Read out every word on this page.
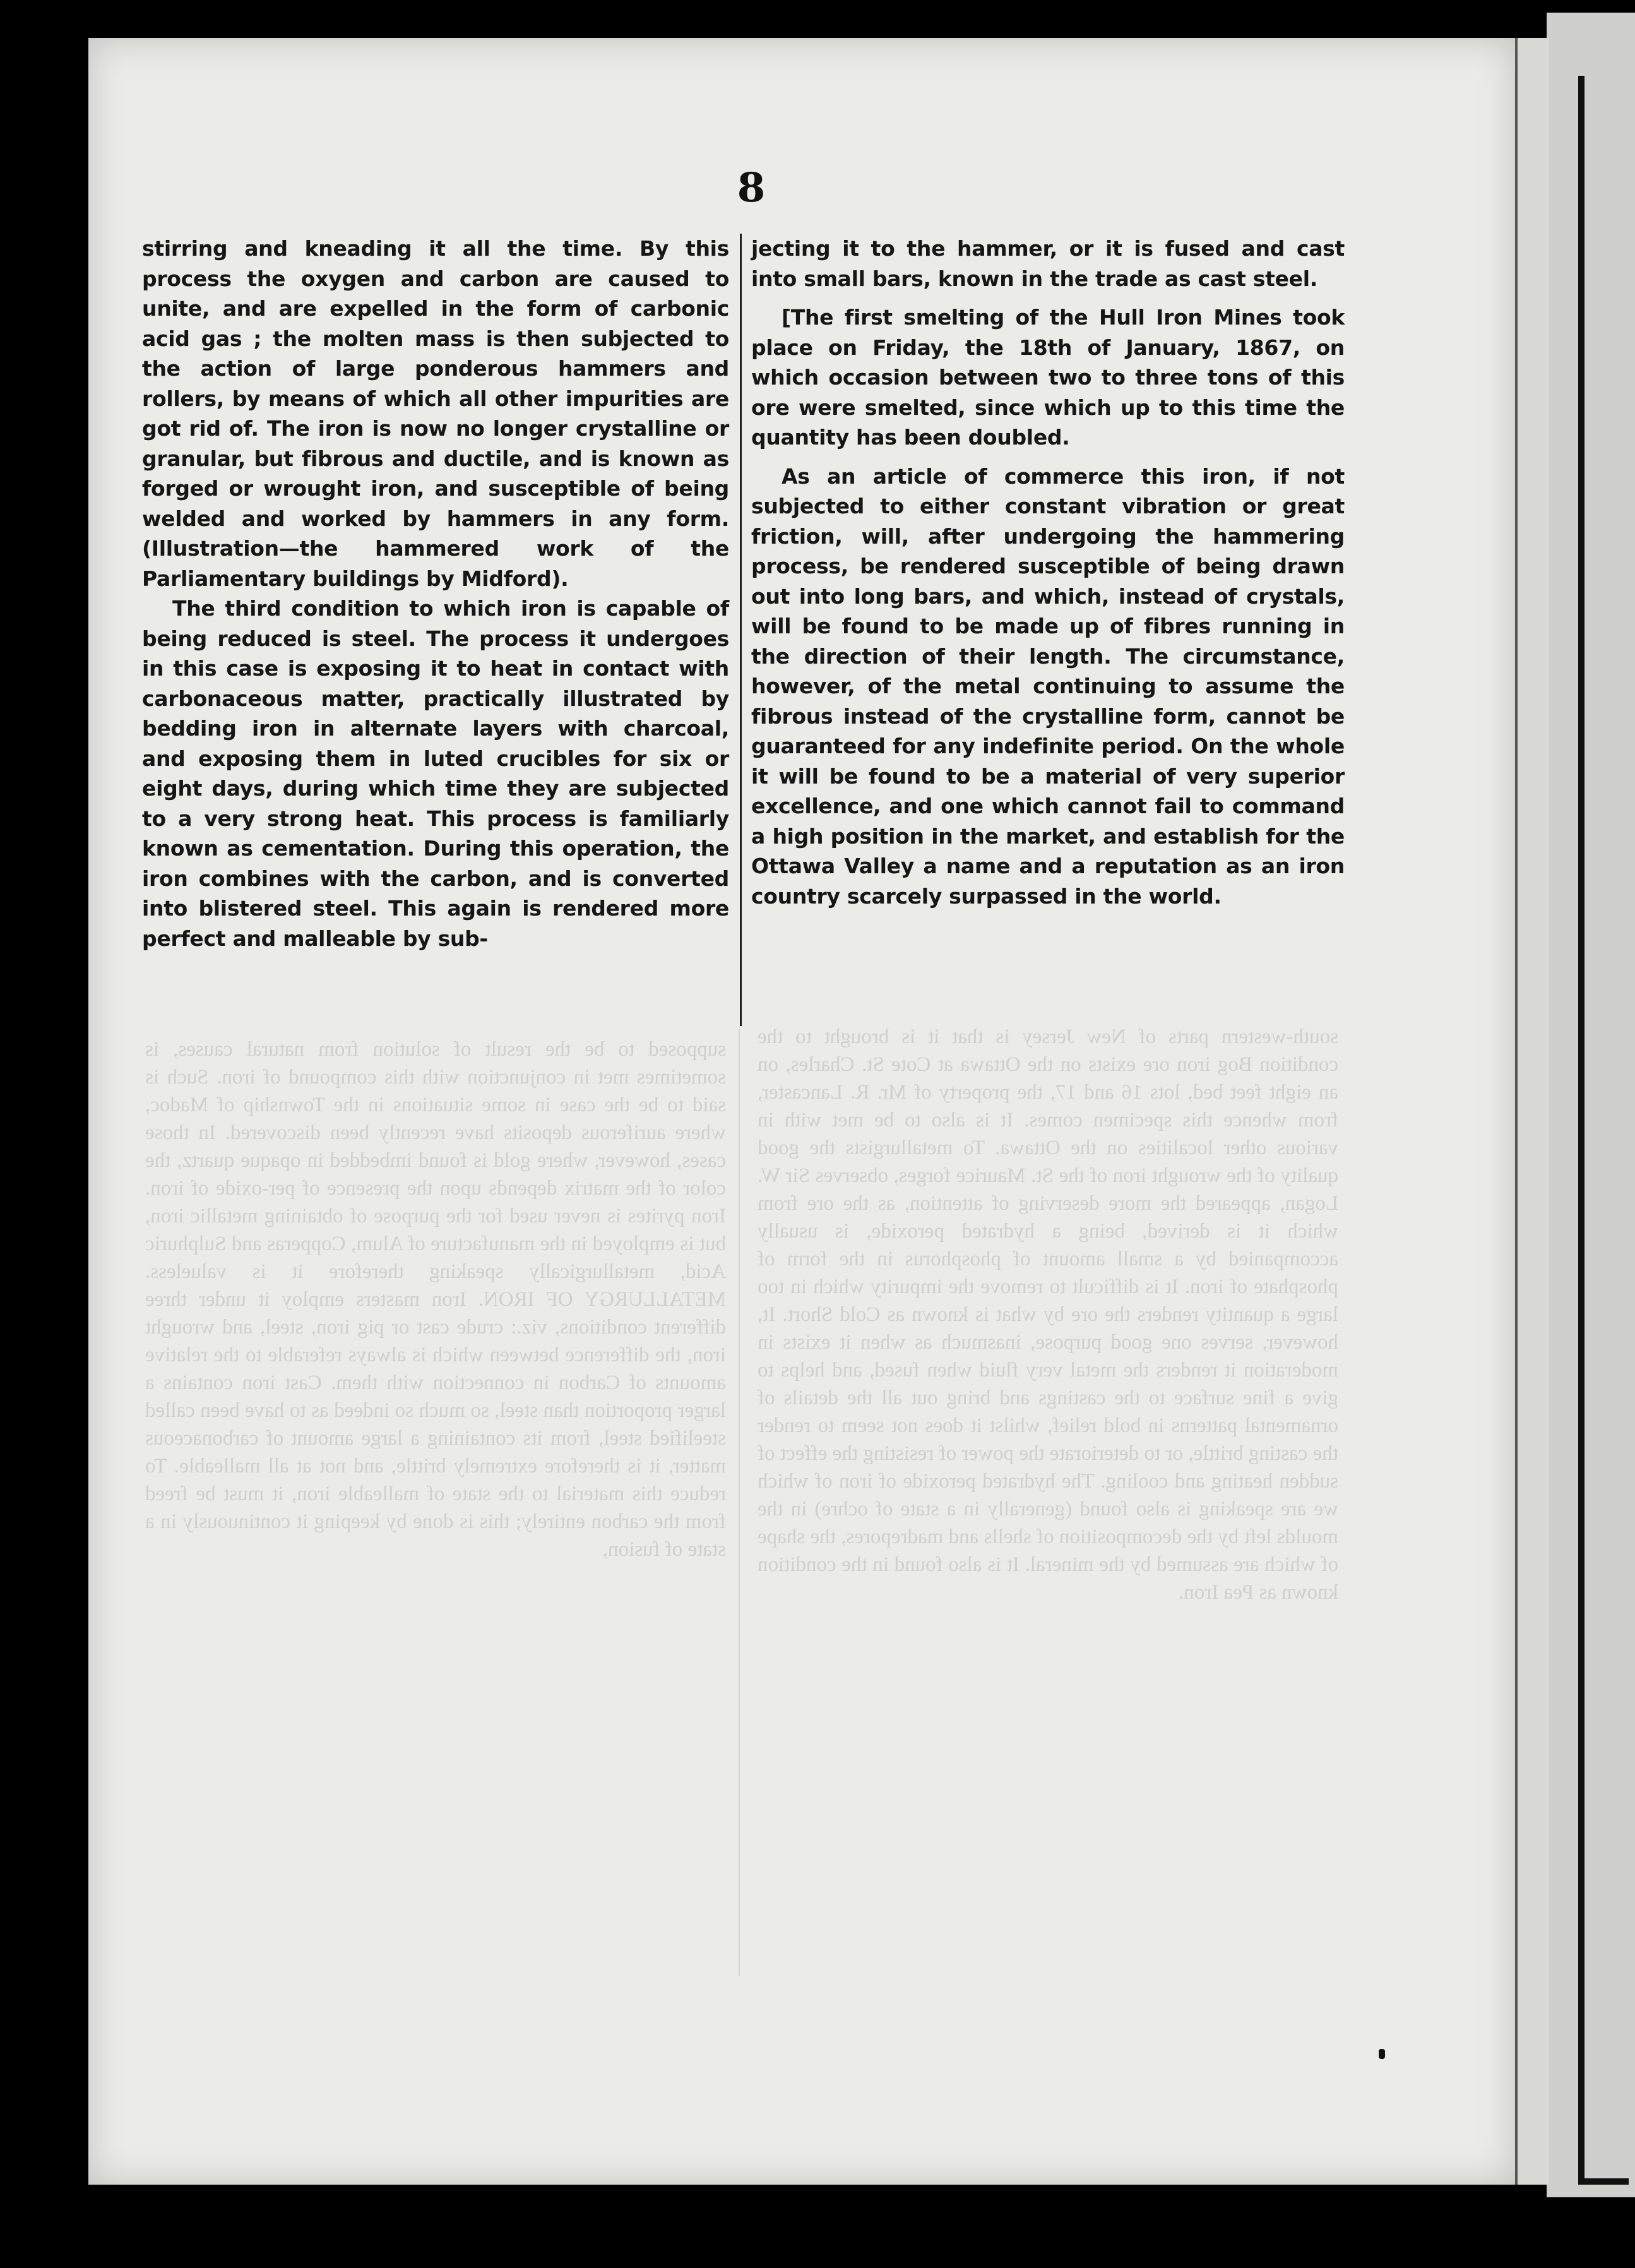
supposed to be the result of solution from natural causes, is sometimes met in conjunction with this compound of iron. Such is said to be the case in some situations in the Township of Madoc, where auriferous deposits have recently been discovered. In those cases, however, where gold is found imbedded in opaque quartz, the color of the matrix depends upon the presence of per-oxide of iron. Iron pyrites is never used for the purpose of obtaining metallic iron, but is employed in the manufacture of Alum, Copperas and Sulphuric Acid, metallurgically speaking therefore it is valueless. METALLURGY OF IRON. Iron masters employ it under three different conditions, viz.: crude cast or pig iron, steel, and wrought iron, the difference between which is always referable to the relative amounts of Carbon in connection with them. Cast iron contains a larger proportion than steel, so much so indeed as to have been called steelified steel, from its containing a large amount of carbonaceous matter, it is therefore extremely brittle, and not at all malleable. To reduce this material to the state of malleable iron, it must be freed from the carbon entirely; this is done by keeping it continuously in a state of fusion,
south-western parts of New Jersey is that it is brought to the condition Bog iron ore exists on the Ottawa at Cote St. Charles, on an eight feet bed, lots 16 and 17, the property of Mr. R. Lancaster, from whence this specimen comes. It is also to be met with in various other localities on the Ottawa. To metallurgists the good quality of the wrought iron of the St. Maurice forges, observes Sir W. Logan, appeared the more deserving of attention, as the ore from which it is derived, being a hydrated peroxide, is usually accompanied by a small amount of phosphorus in the form of phosphate of iron. It is difficult to remove the impurity which in too large a quantity renders the ore by what is known as Cold Short. It, however, serves one good purpose, inasmuch as when it exists in moderation it renders the metal very fluid when fused, and helps to give a fine surface to the castings and bring out all the details of ornamental patterns in bold relief, whilst it does not seem to render the casting brittle, or to deteriorate the power of resisting the effect of sudden heating and cooling. The hydrated peroxide of iron of which we are speaking is also found (generally in a state of ochre) in the moulds left by the decomposition of shells and madrepores, the shape of which are assumed by the mineral. It is also found in the condition known as Pea Iron.
8

stirring and kneading it all the time. By this process the oxygen and carbon are caused to unite, and are expelled in the form of carbonic acid gas ; the molten mass is then subjected to the action of large ponderous hammers and rollers, by means of which all other impurities are got rid of. The iron is now no longer crystalline or granular, but fibrous and ductile, and is known as forged or wrought iron, and susceptible of being welded and worked by hammers in any form. (Illustration—the hammered work of the Parliamentary buildings by Midford).

The third condition to which iron is capable of being reduced is steel. The process it undergoes in this case is exposing it to heat in contact with carbonaceous matter, practically illustrated by bedding iron in alternate layers with charcoal, and exposing them in luted crucibles for six or eight days, during which time they are subjected to a very strong heat. This process is familiarly known as cementation. During this operation, the iron combines with the carbon, and is converted into blistered steel. This again is rendered more perfect and malleable by sub-

jecting it to the hammer, or it is fused and cast into small bars, known in the trade as cast steel.

[The first smelting of the Hull Iron Mines took place on Friday, the 18th of January, 1867, on which occasion between two to three tons of this ore were smelted, since which up to this time the quantity has been doubled.

As an article of commerce this iron, if not subjected to either constant vibration or great friction, will, after undergoing the hammering process, be rendered susceptible of being drawn out into long bars, and which, instead of crystals, will be found to be made up of fibres running in the direction of their length. The circumstance, however, of the metal continuing to assume the fibrous instead of the crystalline form, cannot be guaranteed for any indefinite period. On the whole it will be found to be a material of very superior excellence, and one which cannot fail to command a high position in the market, and establish for the Ottawa Valley a name and a reputation as an iron country scarcely surpassed in the world.
